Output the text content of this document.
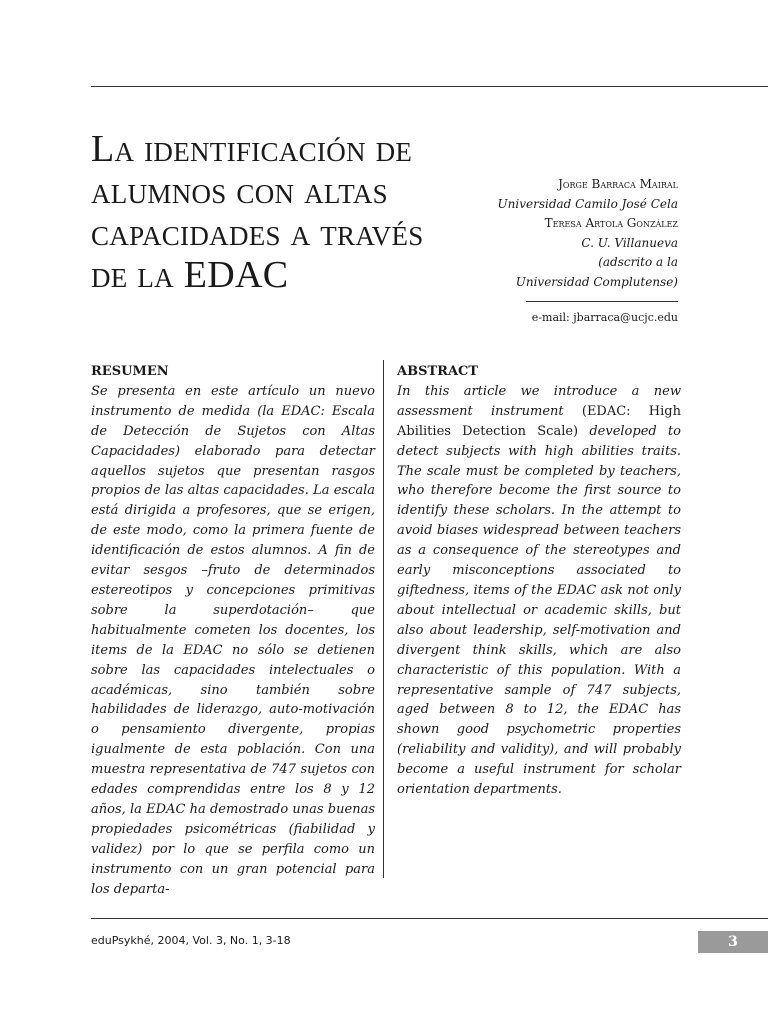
La identificación de
alumnos con altas
capacidades a través
de la EDAC
Jorge Barraca Mairal
Universidad Camilo José Cela
Teresa Artola González
C. U. Villanueva
(adscrito a la
Universidad Complutense)
e-mail: jbarraca@ucjc.edu
RESUMEN

Se presenta en este artículo un nuevo instrumento de medida (la EDAC: Escala de Detección de Sujetos con Altas Capacidades) elaborado para detectar aquellos sujetos que presentan rasgos propios de las altas capacidades. La escala está dirigida a profesores, que se erigen, de este modo, como la primera fuente de identificación de estos alumnos. A fin de evitar sesgos –fruto de determinados estereotipos y concepciones primitivas sobre la superdotación– que habitualmente cometen los docentes, los items de la EDAC no sólo se detienen sobre las capacidades intelectuales o académicas, sino también sobre habilidades de liderazgo, auto-motivación o pensamiento divergente, propias igualmente de esta población. Con una muestra representativa de 747 sujetos con edades comprendidas entre los 8 y 12 años, la EDAC ha demostrado unas buenas propiedades psicométricas (fiabilidad y validez) por lo que se perfila como un instrumento con un gran potencial para los departa-

ABSTRACT

In this article we introduce a new assessment instrument (EDAC: High Abilities Detection Scale) developed to detect subjects with high abilities traits. The scale must be completed by teachers, who therefore become the first source to identify these scholars. In the attempt to avoid biases widespread between teachers as a consequence of the stereotypes and early misconceptions associated to giftedness, items of the EDAC ask not only about intellectual or academic skills, but also about leadership, self-motivation and divergent think skills, which are also characteristic of this population. With a representative sample of 747 subjects, aged between 8 to 12, the EDAC has shown good psychometric properties (reliability and validity), and will probably become a useful instrument for scholar orientation departments.

eduPsykhé, 2004, Vol. 3, No. 1, 3-18	3
